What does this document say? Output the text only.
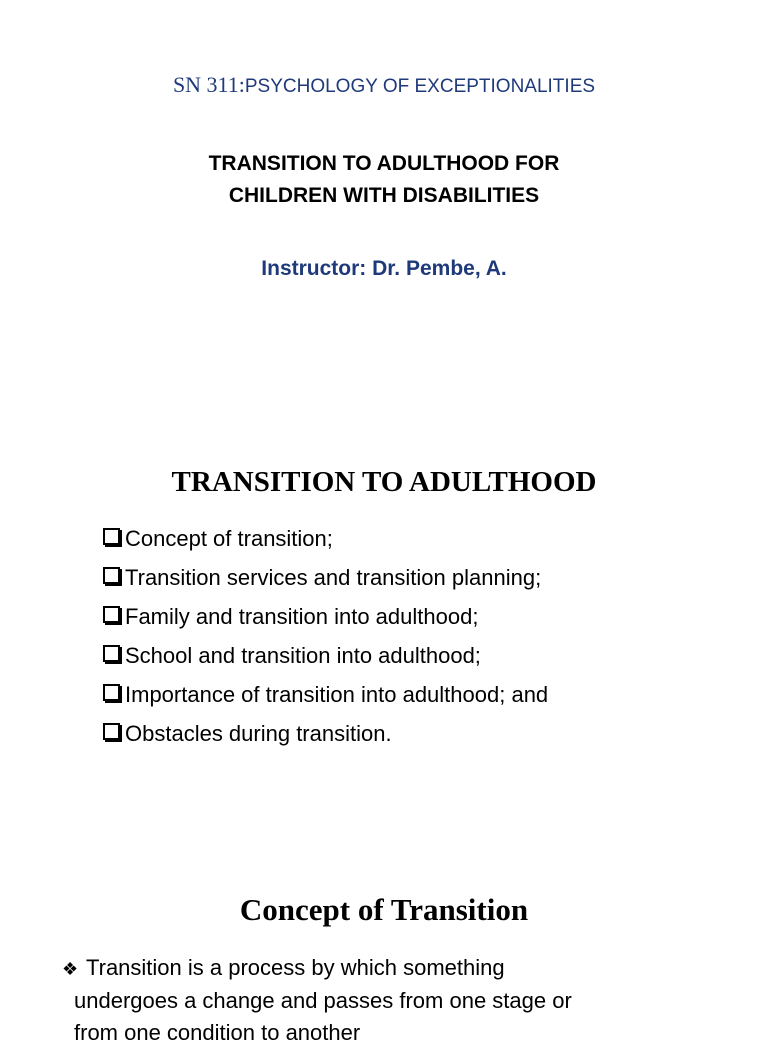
SN 311:PSYCHOLOGY OF EXCEPTIONALITIES
TRANSITION TO ADULTHOOD FOR
CHILDREN WITH DISABILITIES
Instructor: Dr. Pembe, A.
TRANSITION TO ADULTHOOD
Concept of transition;
Transition services and transition planning;
Family and transition into adulthood;
School and transition into adulthood;
Importance of transition into adulthood; and
Obstacles during transition.
Concept of Transition
❖ Transition is a process by which something
undergoes a change and passes from one stage or
from one condition to another
